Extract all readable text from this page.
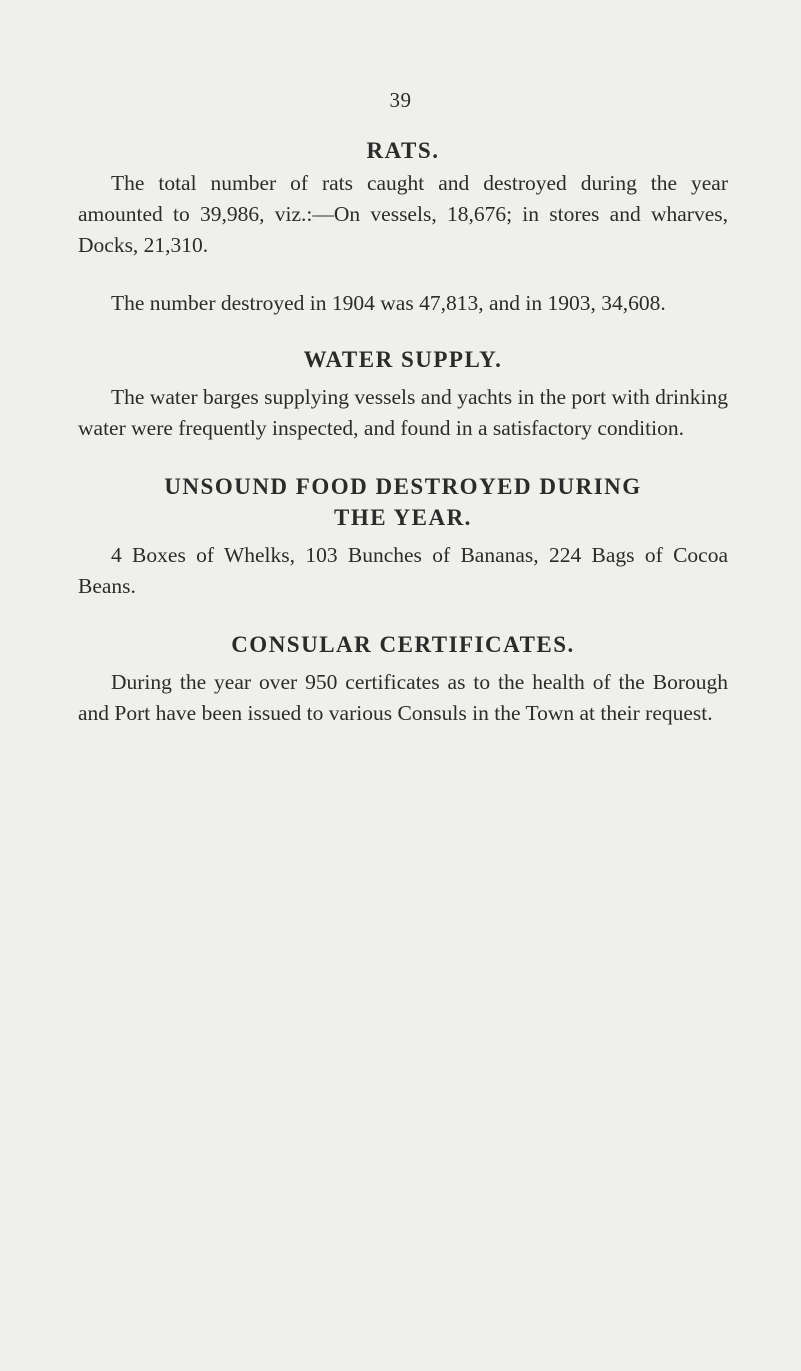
39
RATS.

The total number of rats caught and destroyed during the year amounted to 39,986, viz.:—On vessels, 18,676; in stores and wharves, Docks, 21,310.

The number destroyed in 1904 was 47,813, and in 1903, 34,608.

WATER SUPPLY.

The water barges supplying vessels and yachts in the port with drinking water were frequently inspected, and found in a satisfactory condition.

UNSOUND FOOD DESTROYED DURING
THE YEAR.

4 Boxes of Whelks, 103 Bunches of Bananas, 224 Bags of Cocoa Beans.

CONSULAR CERTIFICATES.

During the year over 950 certificates as to the health of the Borough and Port have been issued to various Consuls in the Town at their request.
